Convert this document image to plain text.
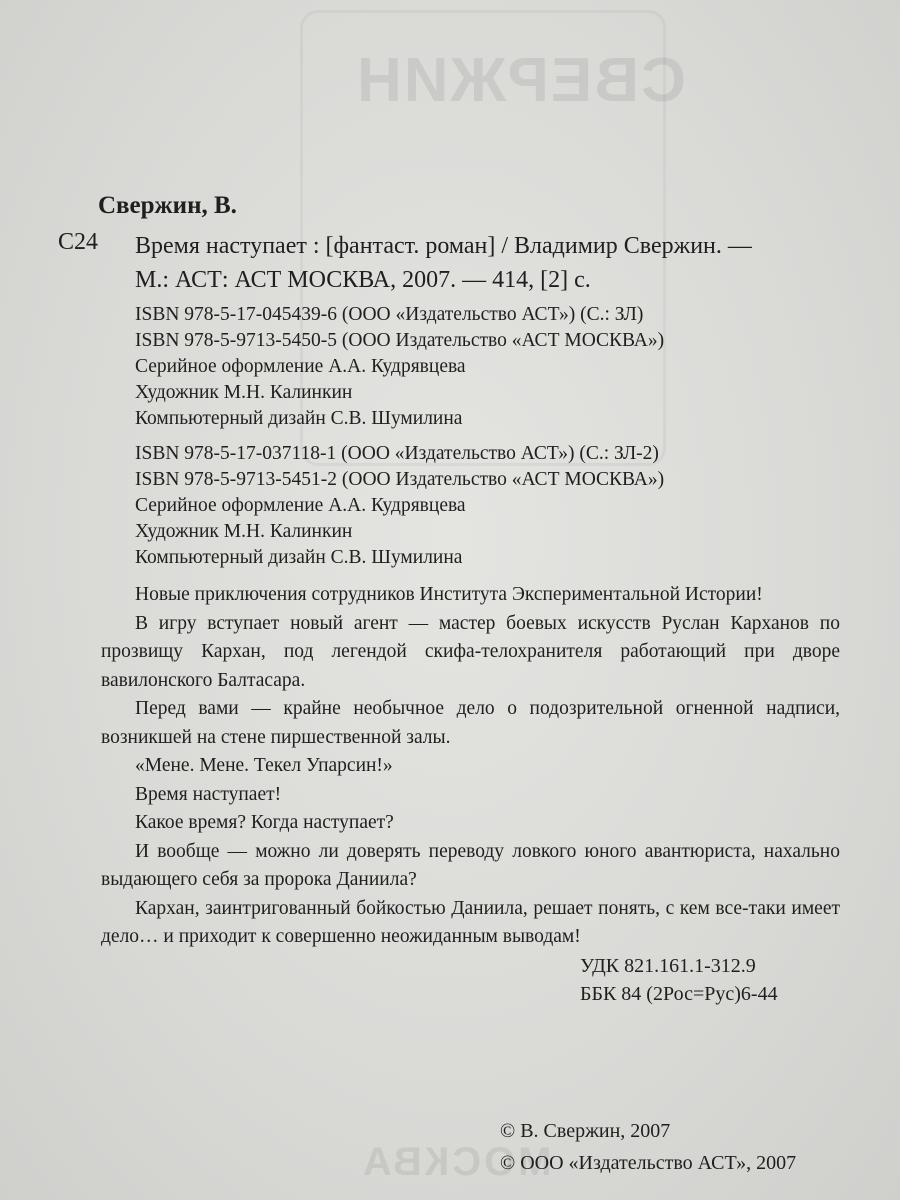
СВЕРЖИН
МОСКВА
Свержин, В.
С24 Время наступает : [фантаст. роман] / Владимир Свержин. —
М.: АСТ: АСТ МОСКВА, 2007. — 414, [2] с.
ISBN 978-5-17-045439-6 (ООО «Издательство АСТ») (С.: ЗЛ)
ISBN 978-5-9713-5450-5 (ООО Издательство «АСТ МОСКВА»)
Серийное оформление А.А. Кудрявцева
Художник М.Н. Калинкин
Компьютерный дизайн С.В. Шумилина
ISBN 978-5-17-037118-1 (ООО «Издательство АСТ») (С.: ЗЛ-2)
ISBN 978-5-9713-5451-2 (ООО Издательство «АСТ МОСКВА»)
Серийное оформление А.А. Кудрявцева
Художник М.Н. Калинкин
Компьютерный дизайн С.В. Шумилина

Новые приключения сотрудников Института Экспериментальной Истории!

В игру вступает новый агент — мастер боевых искусств Руслан Карханов по прозвищу Кархан, под легендой скифа-телохранителя работающий при дворе вавилонского Балтасара.

Перед вами — крайне необычное дело о подозрительной огненной надписи, возникшей на стене пиршественной залы.

«Мене. Мене. Текел Упарсин!»

Время наступает!

Какое время? Когда наступает?

И вообще — можно ли доверять переводу ловкого юного авантюриста, нахально выдающего себя за пророка Даниила?

Кархан, заинтригованный бойкостью Даниила, решает понять, с кем все-таки имеет дело… и приходит к совершенно неожиданным выводам!

УДК 821.161.1-312.9
ББК 84 (2Рос=Рус)6-44
© В. Свержин, 2007
© ООО «Издательство АСТ», 2007
